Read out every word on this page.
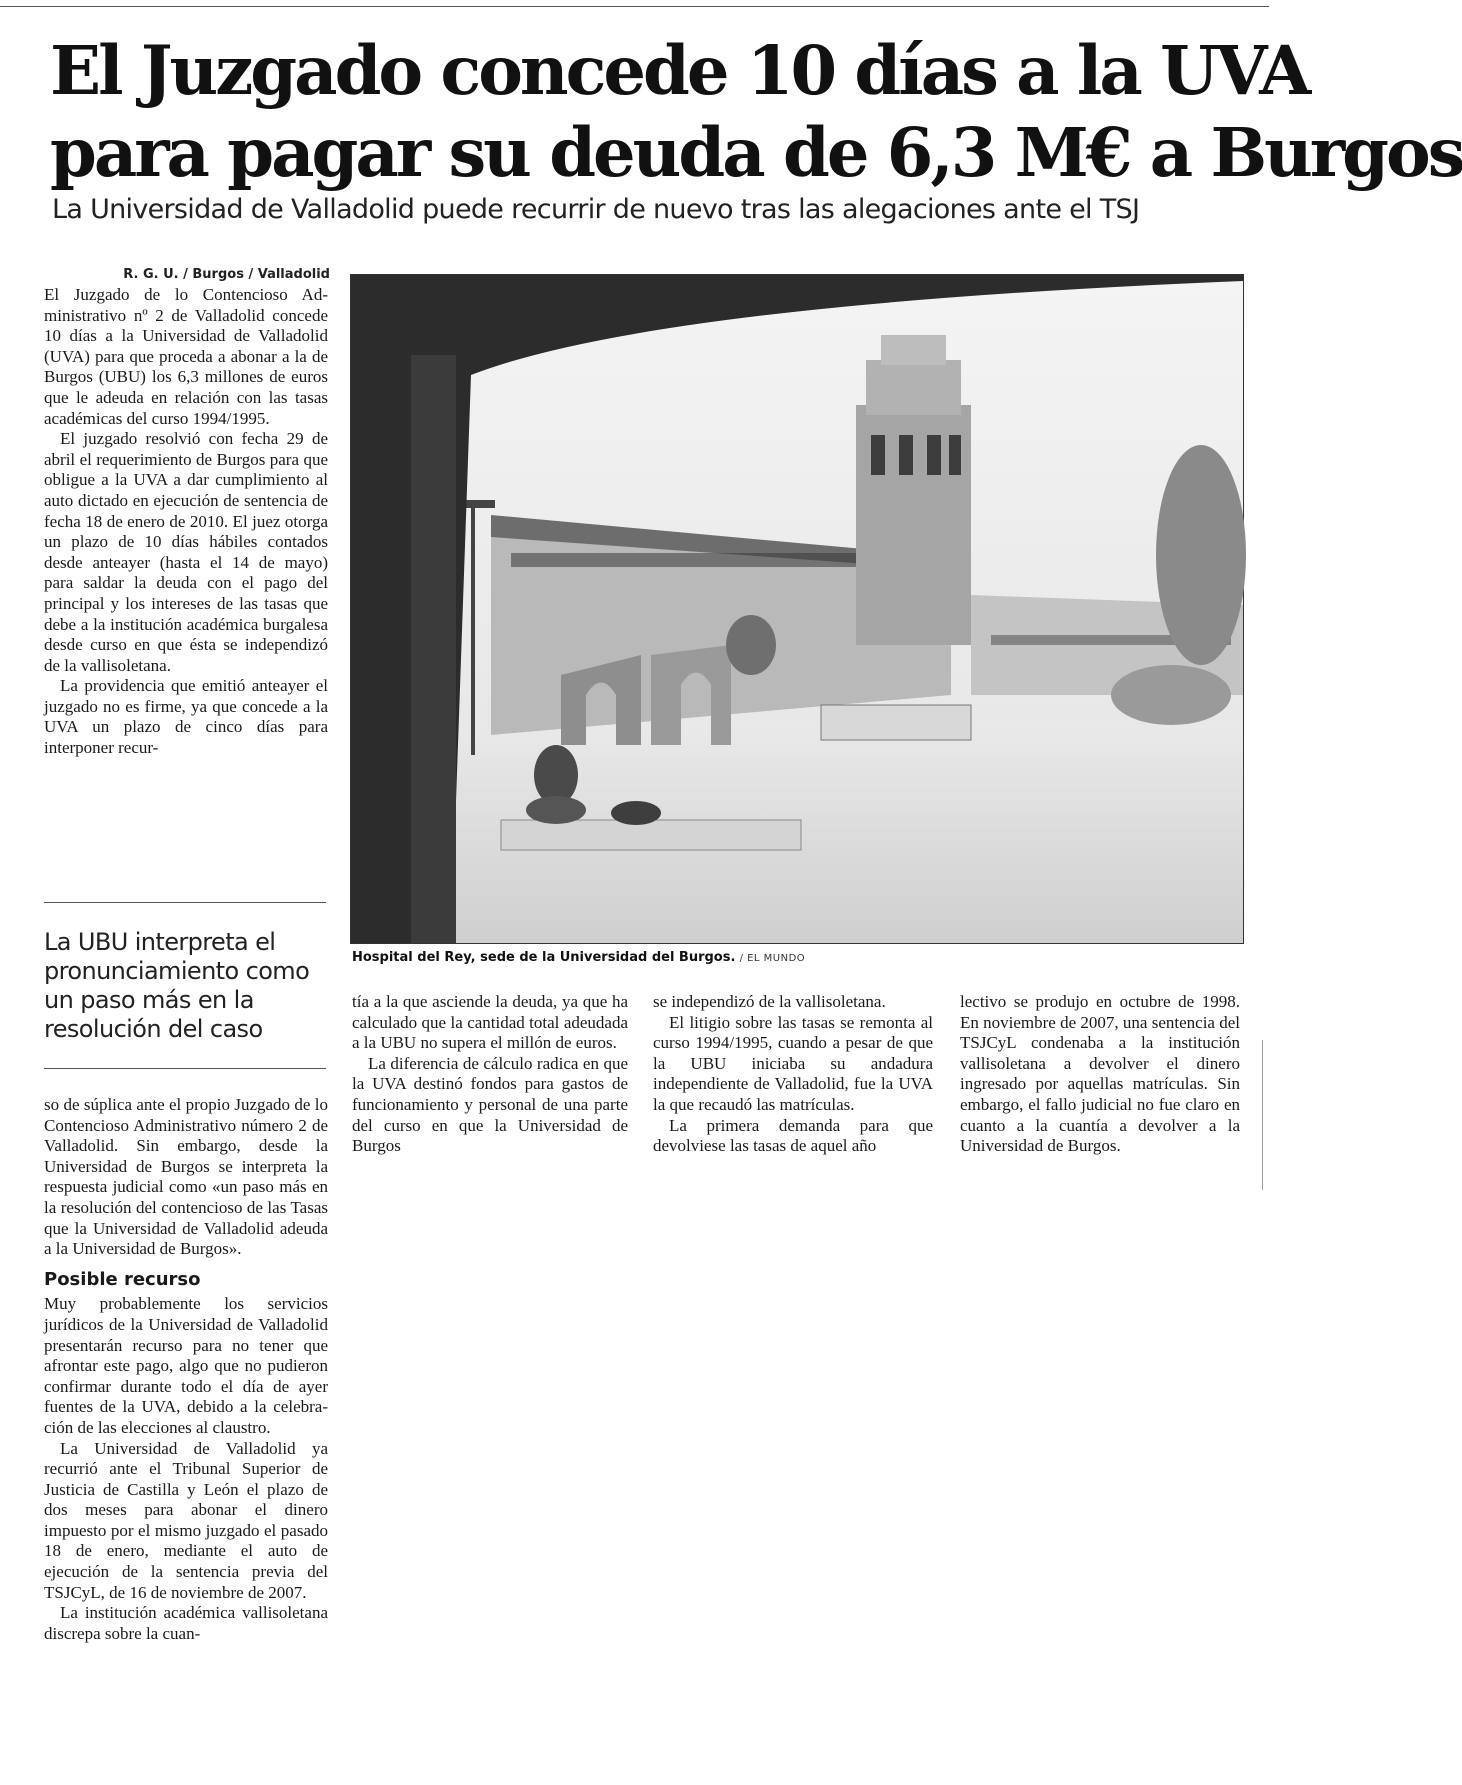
El Juzgado concede 10 días a la UVA
para pagar su deuda de 6,3 M€ a Burgos
La Universidad de Valladolid puede recurrir de nuevo tras las alegaciones ante el TSJ
R. G. U. / Burgos / Valladolid

El Juzgado de lo Contencioso Administrativo nº 2 de Valladolid concede 10 días a la Universidad de Valladolid (UVA) para que proceda a abonar a la de Burgos (UBU) los 6,3 millones de euros que le adeuda en relación con las tasas académicas del curso 1994/1995.

El juzgado resolvió con fecha 29 de abril el requerimiento de Burgos para que obligue a la UVA a dar cumplimiento al auto dictado en ejecución de sentencia de fecha 18 de enero de 2010. El juez otorga un plazo de 10 días hábiles contados desde anteayer (hasta el 14 de mayo) para saldar la deuda con el pago del principal y los intereses de las tasas que debe a la institución académica burgalesa desde curso en que ésta se independizó de la vallisoletana.

La providencia que emitió anteayer el juzgado no es firme, ya que concede a la UVA un plazo de cinco días para interponer recur-

La UBU interpreta el pronunciamiento como un paso más en la resolución del caso

so de súplica ante el propio Juzgado de lo Contencioso Administrativo número 2 de Valladolid. Sin embargo, desde la Universidad de Burgos se interpreta la respuesta judicial como «un paso más en la resolución del contencioso de las Tasas que la Universidad de Valladolid adeuda a la Universidad de Burgos».

Posible recurso

Muy probablemente los servicios jurídicos de la Universidad de Valladolid presentarán recurso para no tener que afrontar este pago, algo que no pudieron confirmar durante todo el día de ayer fuentes de la UVA, debido a la celebración de las elecciones al claustro.

La Universidad de Valladolid ya recurrió ante el Tribunal Superior de Justicia de Castilla y León el plazo de dos meses para abonar el dinero impuesto por el mismo juzgado el pasado 18 de enero, mediante el auto de ejecución de la sentencia previa del TSJCyL, de 16 de noviembre de 2007.

La institución académica vallisoletana discrepa sobre la cuan-

Hospital del Rey, sede de la Universidad del Burgos. / EL MUNDO

tía a la que asciende la deuda, ya que ha calculado que la cantidad total adeudada a la UBU no supera el millón de euros.

La diferencia de cálculo radica en que la UVA destinó fondos para gastos de funcionamiento y personal de una parte del curso en que la Universidad de Burgos

se independizó de la vallisoletana.

El litigio sobre las tasas se remonta al curso 1994/1995, cuando a pesar de que la UBU iniciaba su andadura independiente de Valladolid, fue la UVA la que recaudó las matrículas.

La primera demanda para que devolviese las tasas de aquel año

lectivo se produjo en octubre de 1998. En noviembre de 2007, una sentencia del TSJCyL condenaba a la institución vallisoletana a devolver el dinero ingresado por aquellas matrículas. Sin embargo, el fallo judicial no fue claro en cuanto a la cuantía a devolver a la Universidad de Burgos.
